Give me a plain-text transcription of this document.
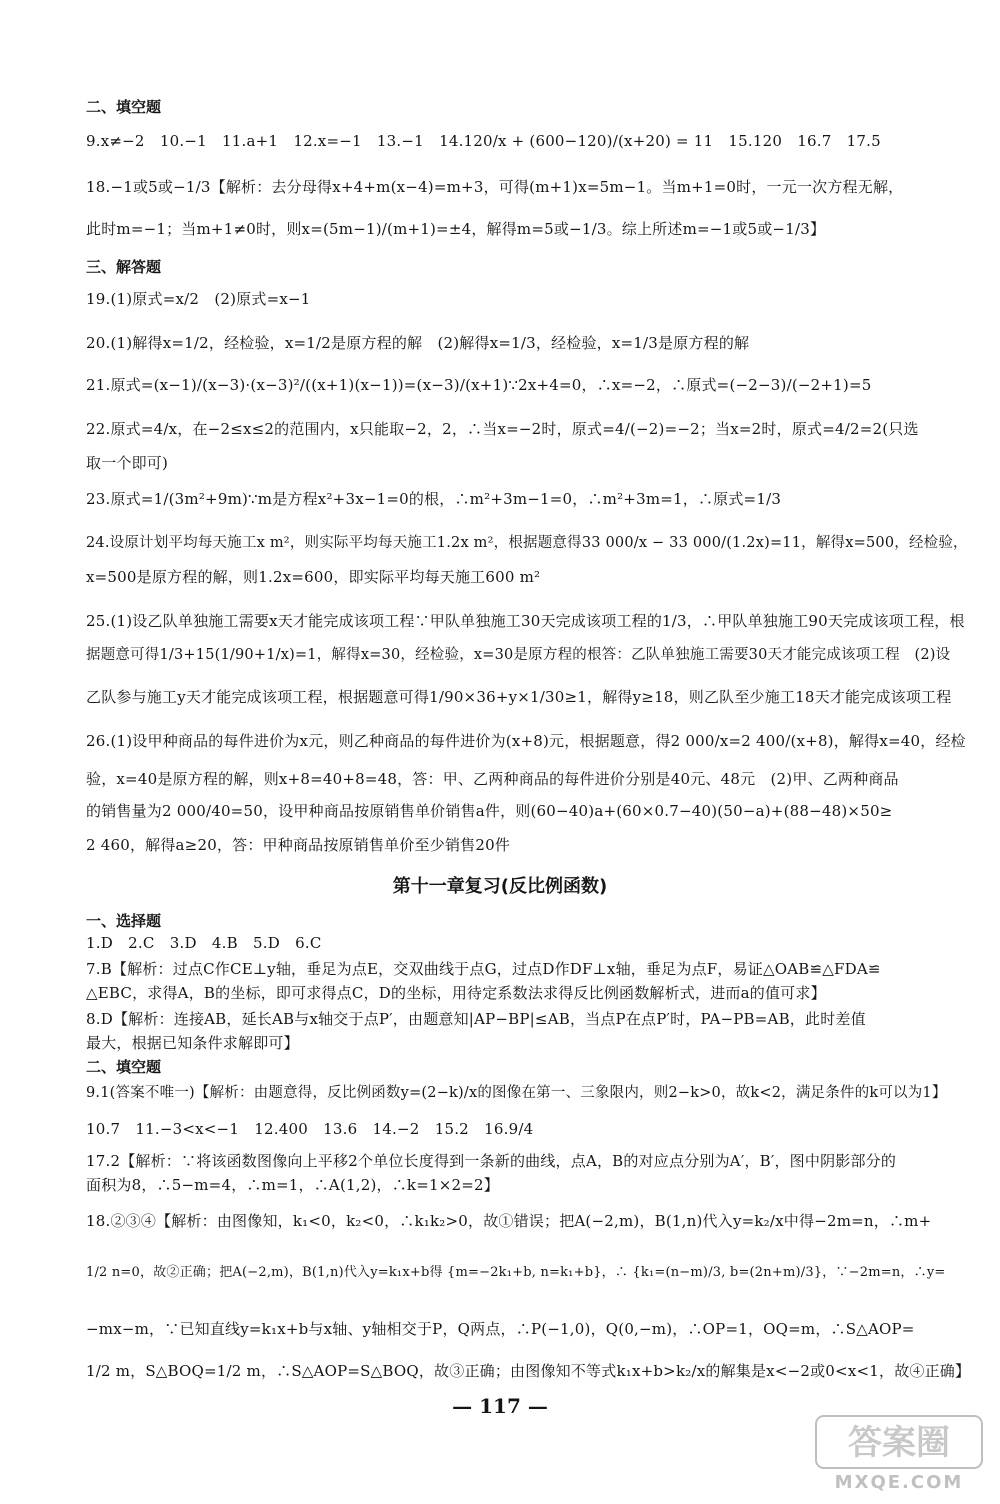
二、填空题
9.x≠−2　10.−1　11.a+1　12.x=−1　13.−1　14.120/x + (600−120)/(x+20) = 11　15.120　16.7　17.5
18.−1或5或−1/3【解析：去分母得x+4+m(x−4)=m+3，可得(m+1)x=5m−1。当m+1=0时，一元一次方程无解，
此时m=−1；当m+1≠0时，则x=(5m−1)/(m+1)=±4，解得m=5或−1/3。综上所述m=−1或5或−1/3】
三、解答题
19.(1)原式=x/2　(2)原式=x−1
20.(1)解得x=1/2，经检验，x=1/2是原方程的解　(2)解得x=1/3，经检验，x=1/3是原方程的解
21.原式=(x−1)/(x−3)·(x−3)²/((x+1)(x−1))=(x−3)/(x+1)∵2x+4=0，∴x=−2，∴原式=(−2−3)/(−2+1)=5
22.原式=4/x，在−2≤x≤2的范围内，x只能取−2，2，∴当x=−2时，原式=4/(−2)=−2；当x=2时，原式=4/2=2(只选
取一个即可)
23.原式=1/(3m²+9m)∵m是方程x²+3x−1=0的根，∴m²+3m−1=0，∴m²+3m=1，∴原式=1/3
24.设原计划平均每天施工x m²，则实际平均每天施工1.2x m²，根据题意得33 000/x − 33 000/(1.2x)=11，解得x=500，经检验，
x=500是原方程的解，则1.2x=600，即实际平均每天施工600 m²
25.(1)设乙队单独施工需要x天才能完成该项工程∵甲队单独施工30天完成该项工程的1/3，∴甲队单独施工90天完成该项工程，根
据题意可得1/3+15(1/90+1/x)=1，解得x=30，经检验，x=30是原方程的根答：乙队单独施工需要30天才能完成该项工程　(2)设
乙队参与施工y天才能完成该项工程，根据题意可得1/90×36+y×1/30≥1，解得y≥18，则乙队至少施工18天才能完成该项工程
26.(1)设甲种商品的每件进价为x元，则乙种商品的每件进价为(x+8)元，根据题意，得2 000/x=2 400/(x+8)，解得x=40，经检
验，x=40是原方程的解，则x+8=40+8=48，答：甲、乙两种商品的每件进价分别是40元、48元　(2)甲、乙两种商品
的销售量为2 000/40=50，设甲种商品按原销售单价销售a件，则(60−40)a+(60×0.7−40)(50−a)+(88−48)×50≥
2 460，解得a≥20，答：甲种商品按原销售单价至少销售20件
第十一章复习(反比例函数)
一、选择题
1.D　2.C　3.D　4.B　5.D　6.C
7.B【解析：过点C作CE⊥y轴，垂足为点E，交双曲线于点G，过点D作DF⊥x轴，垂足为点F，易证△OAB≌△FDA≌
△EBC，求得A，B的坐标，即可求得点C，D的坐标，用待定系数法求得反比例函数解析式，进而a的值可求】
8.D【解析：连接AB，延长AB与x轴交于点P′，由题意知|AP−BP|≤AB，当点P在点P′时，PA−PB=AB，此时差值
最大，根据已知条件求解即可】
二、填空题
9.1(答案不唯一)【解析：由题意得，反比例函数y=(2−k)/x的图像在第一、三象限内，则2−k>0，故k<2，满足条件的k可以为1】
10.7　11.−3<x<−1　12.400　13.6　14.−2　15.2　16.9/4
17.2【解析：∵将该函数图像向上平移2个单位长度得到一条新的曲线，点A，B的对应点分别为A′，B′，图中阴影部分的
面积为8，∴5−m=4，∴m=1，∴A(1,2)，∴k=1×2=2】
18.②③④【解析：由图像知，k₁<0，k₂<0，∴k₁k₂>0，故①错误；把A(−2,m)，B(1,n)代入y=k₂/x中得−2m=n，∴m+
1/2 n=0，故②正确；把A(−2,m)，B(1,n)代入y=k₁x+b得 {m=−2k₁+b, n=k₁+b}，∴ {k₁=(n−m)/3, b=(2n+m)/3}，∵−2m=n，∴y=
−mx−m，∵已知直线y=k₁x+b与x轴、y轴相交于P，Q两点，∴P(−1,0)，Q(0,−m)，∴OP=1，OQ=m，∴S△AOP=
1/2 m，S△BOQ=1/2 m，∴S△AOP=S△BOQ，故③正确；由图像知不等式k₁x+b>k₂/x的解集是x<−2或0<x<1，故④正确】
— 117 —
答案圈
MXQE.COM
